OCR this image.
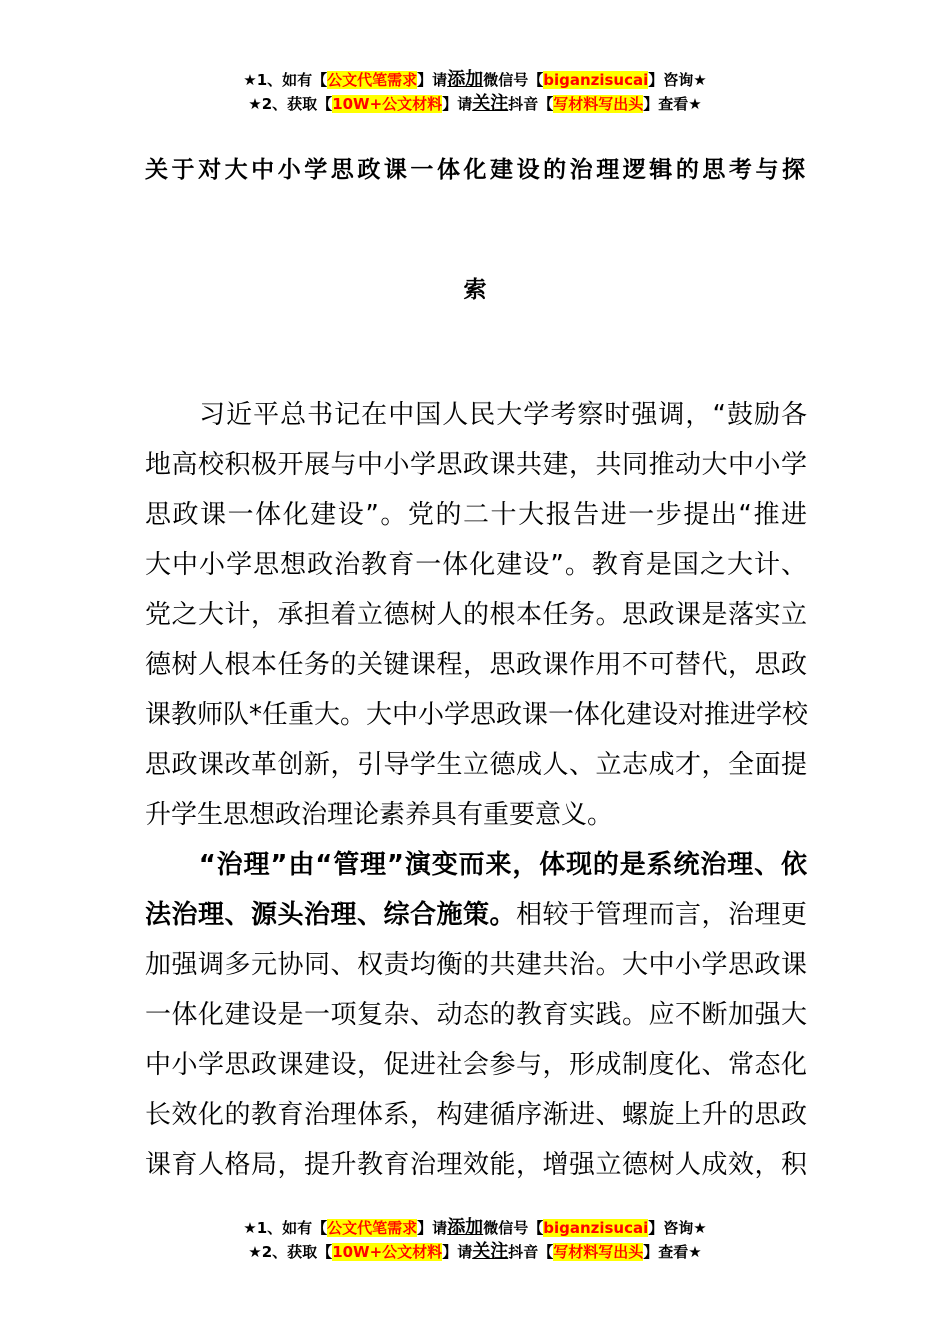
★1、如有【公文代笔需求】请添加微信号【biganzisucai】咨询★
★2、获取【10W+公文材料】请关注抖音【写材料写出头】查看★
关于对大中小学思政课一体化建设的治理逻辑的思考与探
索
　　习近平总书记在中国人民大学考察时强调，“鼓励各
地高校积极开展与中小学思政课共建，共同推动大中小学
思政课一体化建设”。党的二十大报告进一步提出“推进
大中小学思想政治教育一体化建设”。教育是国之大计、
党之大计，承担着立德树人的根本任务。思政课是落实立
德树人根本任务的关键课程，思政课作用不可替代，思政
课教师队*任重大。大中小学思政课一体化建设对推进学校
思政课改革创新，引导学生立德成人、立志成才，全面提
升学生思想政治理论素养具有重要意义。
　　“治理”由“管理”演变而来，体现的是系统治理、依
法治理、源头治理、综合施策。相较于管理而言，治理更
加强调多元协同、权责均衡的共建共治。大中小学思政课
一体化建设是一项复杂、动态的教育实践。应不断加强大
中小学思政课建设，促进社会参与，形成制度化、常态化
长效化的教育治理体系，构建循序渐进、螺旋上升的思政
课育人格局，提升教育治理效能，增强立德树人成效，积
★1、如有【公文代笔需求】请添加微信号【biganzisucai】咨询★
★2、获取【10W+公文材料】请关注抖音【写材料写出头】查看★
